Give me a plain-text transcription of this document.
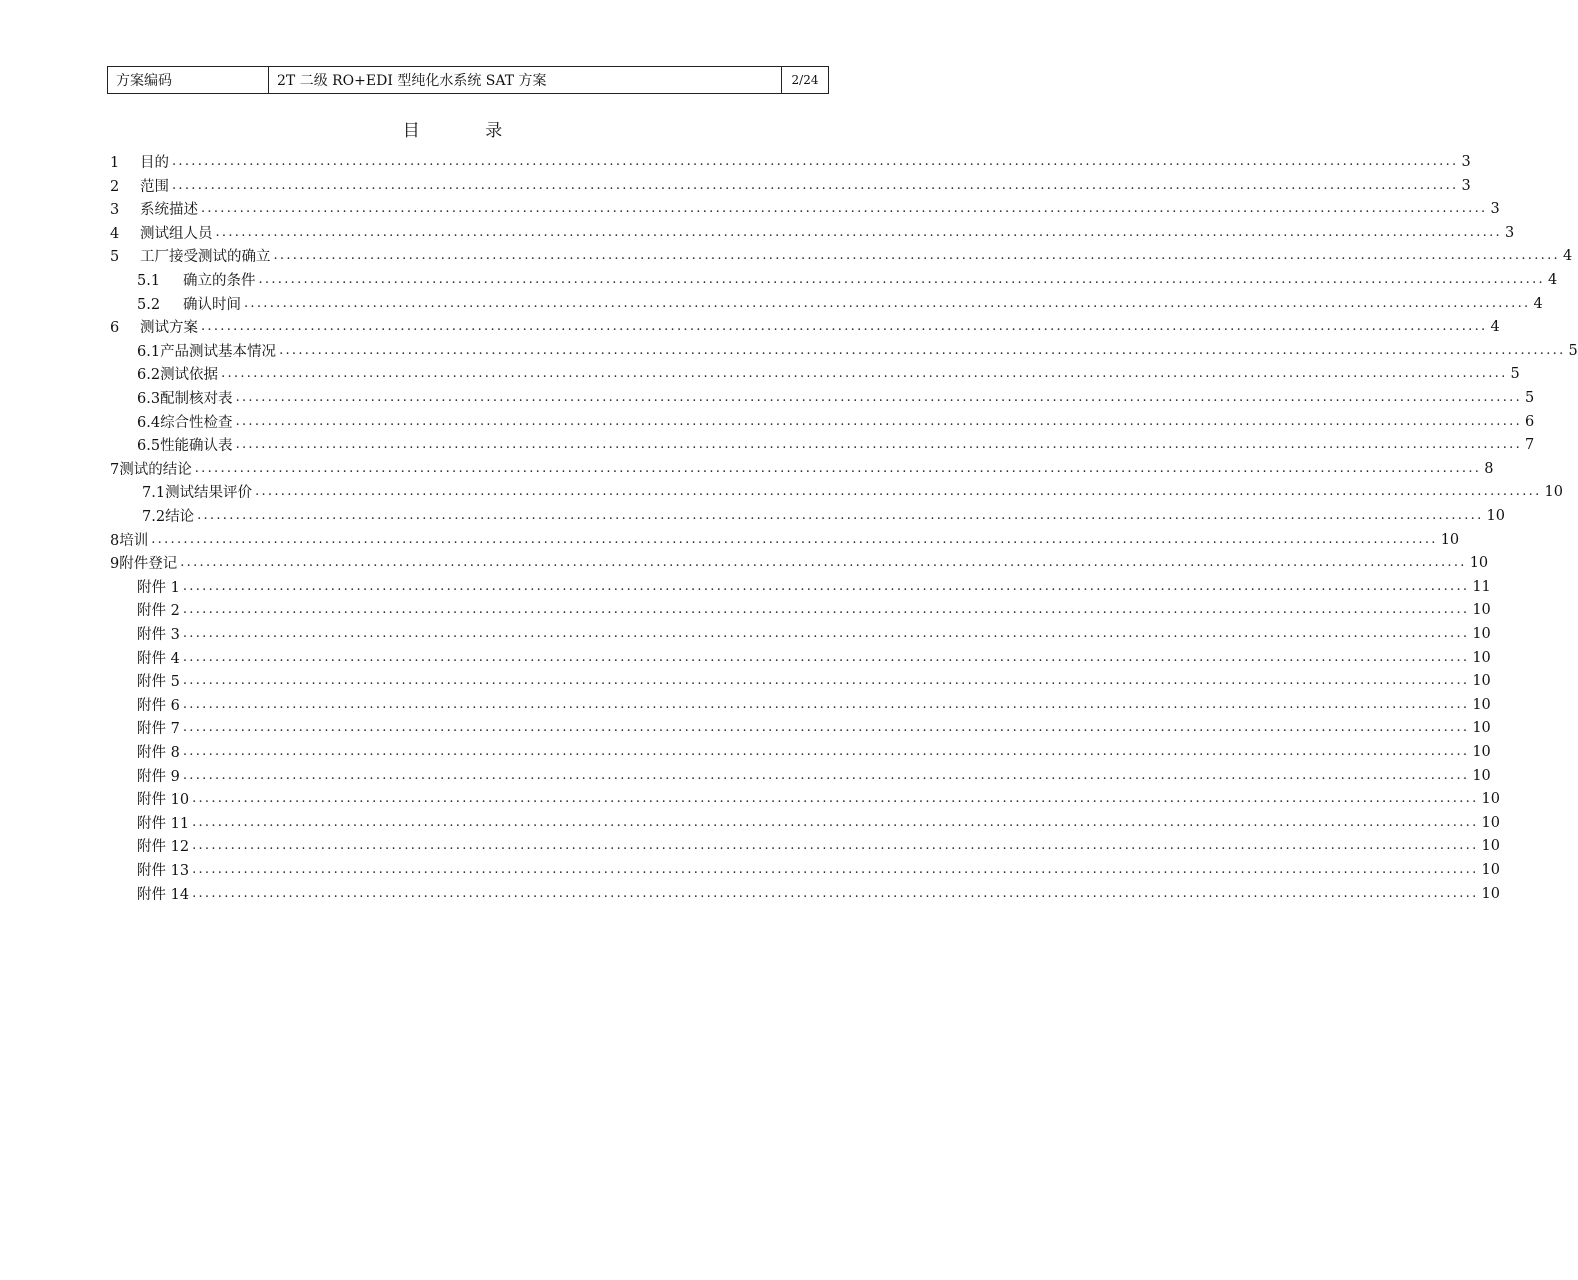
方案编码	2T 二级 RO+EDI 型纯化水系统 SAT 方案	2/24
目 录
1 目的 ........................................................................................................................................................................................................ 3
2 范围 ........................................................................................................................................................................................................ 3
3 系统描述 ........................................................................................................................................................................................................ 3
4 测试组人员 ........................................................................................................................................................................................................ 3
5 工厂接受测试的确立 ........................................................................................................................................................................................................ 4
5.1 确立的条件 ........................................................................................................................................................................................................ 4
5.2 确认时间 ........................................................................................................................................................................................................ 4
6 测试方案 ........................................................................................................................................................................................................ 4
6.1产品测试基本情况 ........................................................................................................................................................................................................ 5
6.2测试依据 ........................................................................................................................................................................................................ 5
6.3配制核对表 ........................................................................................................................................................................................................ 5
6.4综合性检查 ........................................................................................................................................................................................................ 6
6.5性能确认表 ........................................................................................................................................................................................................ 7
7测试的结论 ........................................................................................................................................................................................................ 8
7.1测试结果评价 ........................................................................................................................................................................................................ 10
7.2结论 ........................................................................................................................................................................................................ 10
8培训 ........................................................................................................................................................................................................ 10
9附件登记 ........................................................................................................................................................................................................ 10
附件 1 ........................................................................................................................................................................................................ 11
附件 2 ........................................................................................................................................................................................................ 10
附件 3 ........................................................................................................................................................................................................ 10
附件 4 ........................................................................................................................................................................................................ 10
附件 5 ........................................................................................................................................................................................................ 10
附件 6 ........................................................................................................................................................................................................ 10
附件 7 ........................................................................................................................................................................................................ 10
附件 8 ........................................................................................................................................................................................................ 10
附件 9 ........................................................................................................................................................................................................ 10
附件 10 ........................................................................................................................................................................................................ 10
附件 11 ........................................................................................................................................................................................................ 10
附件 12 ........................................................................................................................................................................................................ 10
附件 13 ........................................................................................................................................................................................................ 10
附件 14 ........................................................................................................................................................................................................ 10
